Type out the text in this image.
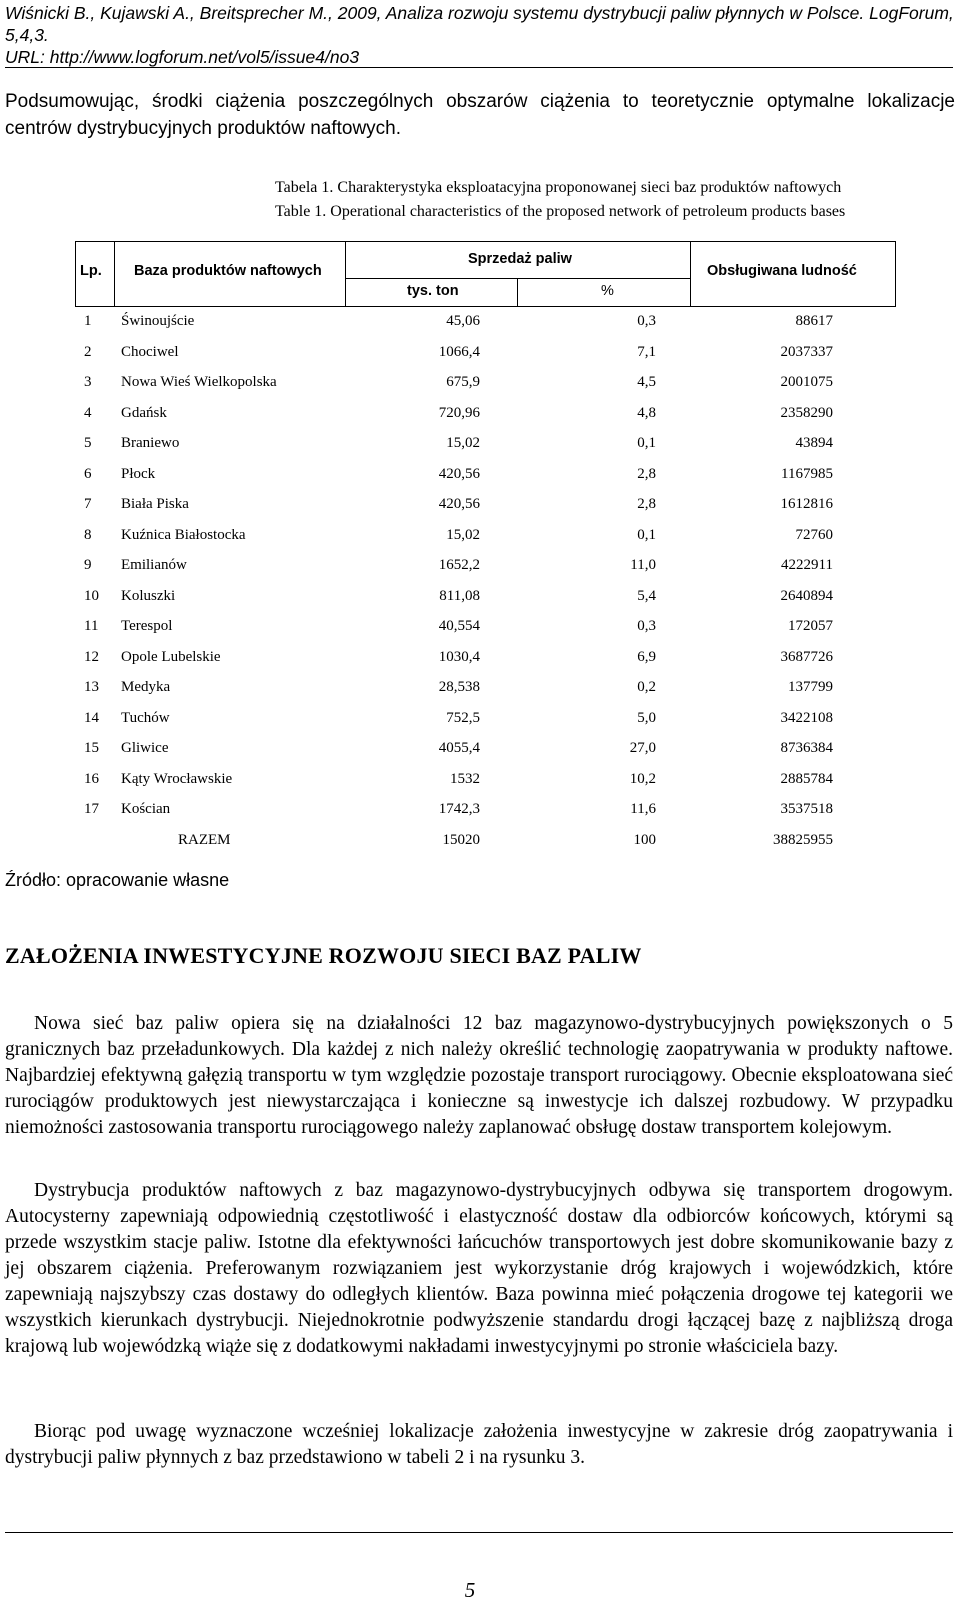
Wiśnicki B., Kujawski A., Breitsprecher M., 2009, Analiza rozwoju systemu dystrybucji paliw płynnych w Polsce. LogForum, 5,4,3.
URL: http://www.logforum.net/vol5/issue4/no3
Podsumowując, środki ciążenia poszczególnych obszarów ciążenia to teoretycznie optymalne lokalizacje centrów dystrybucyjnych produktów naftowych.
Tabela 1. Charakterystyka eksploatacyjna proponowanej sieci baz produktów naftowych
Table 1. Operational characteristics of the proposed network of petroleum products bases
Lp. Baza produktów naftowych
Sprzedaż paliw
tys. ton	%
Obsługiwana ludność
1 Świnoujście	45,06	0,3	88617
2 Chociwel	1066,4	7,1	2037337
3 Nowa Wieś Wielkopolska	675,9	4,5	2001075
4 Gdańsk	720,96	4,8	2358290
5 Braniewo	15,02	0,1	43894
6 Płock	420,56	2,8	1167985
7 Biała Piska	420,56	2,8	1612816
8 Kuźnica Białostocka	15,02	0,1	72760
9 Emilianów	1652,2	11,0	4222911
10 Koluszki	811,08	5,4	2640894
11 Terespol	40,554	0,3	172057
12 Opole Lubelskie	1030,4	6,9	3687726
13 Medyka	28,538	0,2	137799
14 Tuchów	752,5	5,0	3422108
15 Gliwice	4055,4	27,0	8736384
16 Kąty Wrocławskie	1532	10,2	2885784
17 Kościan	1742,3	11,6	3537518
RAZEM	15020	100	38825955
Źródło: opracowanie własne
ZAŁOŻENIA INWESTYCYJNE ROZWOJU SIECI BAZ PALIW
Nowa sieć baz paliw opiera się na działalności 12 baz magazynowo-dystrybucyjnych powiększonych o 5 granicznych baz przeładunkowych. Dla każdej z nich należy określić technologię zaopatrywania w produkty naftowe. Najbardziej efektywną gałęzią transportu w tym względzie pozostaje transport rurociągowy. Obecnie eksploatowana sieć rurociągów produktowych jest niewystarczająca i konieczne są inwestycje ich dalszej rozbudowy. W przypadku niemożności zastosowania transportu rurociągowego należy zaplanować obsługę dostaw transportem kolejowym.
Dystrybucja produktów naftowych z baz magazynowo-dystrybucyjnych odbywa się transportem drogowym. Autocysterny zapewniają odpowiednią częstotliwość i elastyczność dostaw dla odbiorców końcowych, którymi są przede wszystkim stacje paliw. Istotne dla efektywności łańcuchów transportowych jest dobre skomunikowanie bazy z jej obszarem ciążenia. Preferowanym rozwiązaniem jest wykorzystanie dróg krajowych i wojewódzkich, które zapewniają najszybszy czas dostawy do odległych klientów. Baza powinna mieć połączenia drogowe tej kategorii we wszystkich kierunkach dystrybucji. Niejednokrotnie podwyższenie standardu drogi łączącej bazę z najbliższą droga krajową lub wojewódzką wiąże się z dodatkowymi nakładami inwestycyjnymi po stronie właściciela bazy.
Biorąc pod uwagę wyznaczone wcześniej lokalizacje założenia inwestycyjne w zakresie dróg zaopatrywania i dystrybucji paliw płynnych z baz przedstawiono w tabeli 2 i na rysunku 3.
5
